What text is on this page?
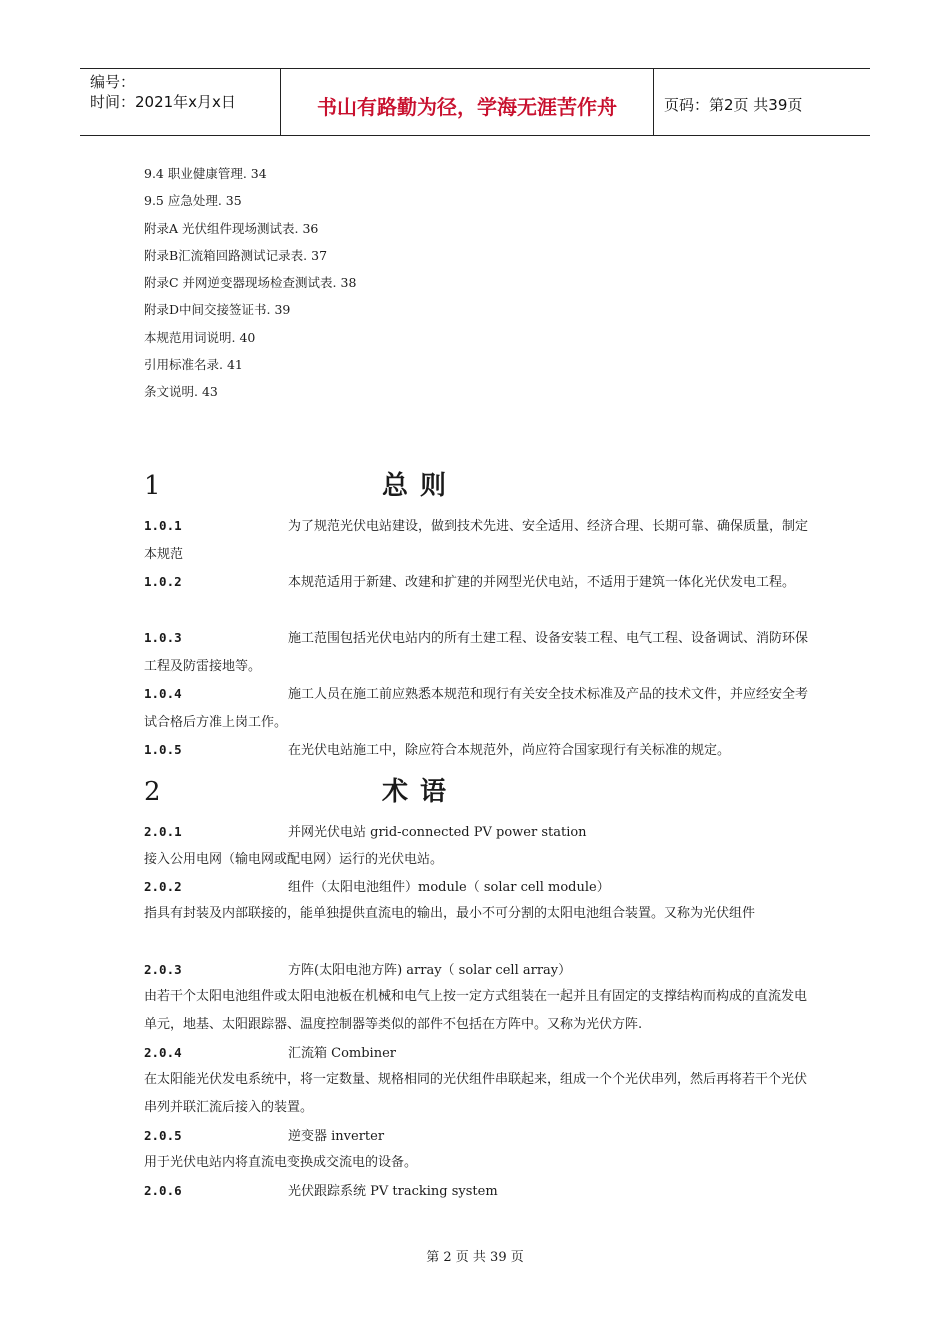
编号：
时间：2021年x月x日	书山有路勤为径，学海无涯苦作舟	页码：第2页 共39页
9.4 职业健康管理. 34
9.5 应急处理. 35
附录A 光伏组件现场测试表. 36
附录B汇流箱回路测试记录表. 37
附录C 并网逆变器现场检查测试表. 38
附录D中间交接签证书. 39
本规范用词说明. 40
引用标准名录. 41
条文说明. 43
1	总则
1.0.1	为了规范光伏电站建设，做到技术先进、安全适用、经济合理、长期可靠、确保质量，制定本规范
1.0.2	本规范适用于新建、改建和扩建的并网型光伏电站，不适用于建筑一体化光伏发电工程。
1.0.3	施工范围包括光伏电站内的所有土建工程、设备安装工程、电气工程、设备调试、消防环保工程及防雷接地等。
1.0.4	施工人员在施工前应熟悉本规范和现行有关安全技术标准及产品的技术文件，并应经安全考试合格后方准上岗工作。
1.0.5	在光伏电站施工中，除应符合本规范外，尚应符合国家现行有关标准的规定。
2	术语
2.0.1	并网光伏电站 grid-connected PV power station
接入公用电网（输电网或配电网）运行的光伏电站。
2.0.2	组件（太阳电池组件）module（ solar cell module）
指具有封装及内部联接的，能单独提供直流电的输出，最小不可分割的太阳电池组合装置。又称为光伏组件
2.0.3	方阵(太阳电池方阵) array（ solar cell array）
由若干个太阳电池组件或太阳电池板在机械和电气上按一定方式组装在一起并且有固定的支撑结构而构成的直流发电单元，地基、太阳跟踪器、温度控制器等类似的部件不包括在方阵中。又称为光伏方阵.
2.0.4	汇流箱 Combiner
在太阳能光伏发电系统中，将一定数量、规格相同的光伏组件串联起来，组成一个个光伏串列，然后再将若干个光伏串列并联汇流后接入的装置。
2.0.5	逆变器 inverter
用于光伏电站内将直流电变换成交流电的设备。
2.0.6	光伏跟踪系统 PV tracking system
第 2 页 共 39 页
